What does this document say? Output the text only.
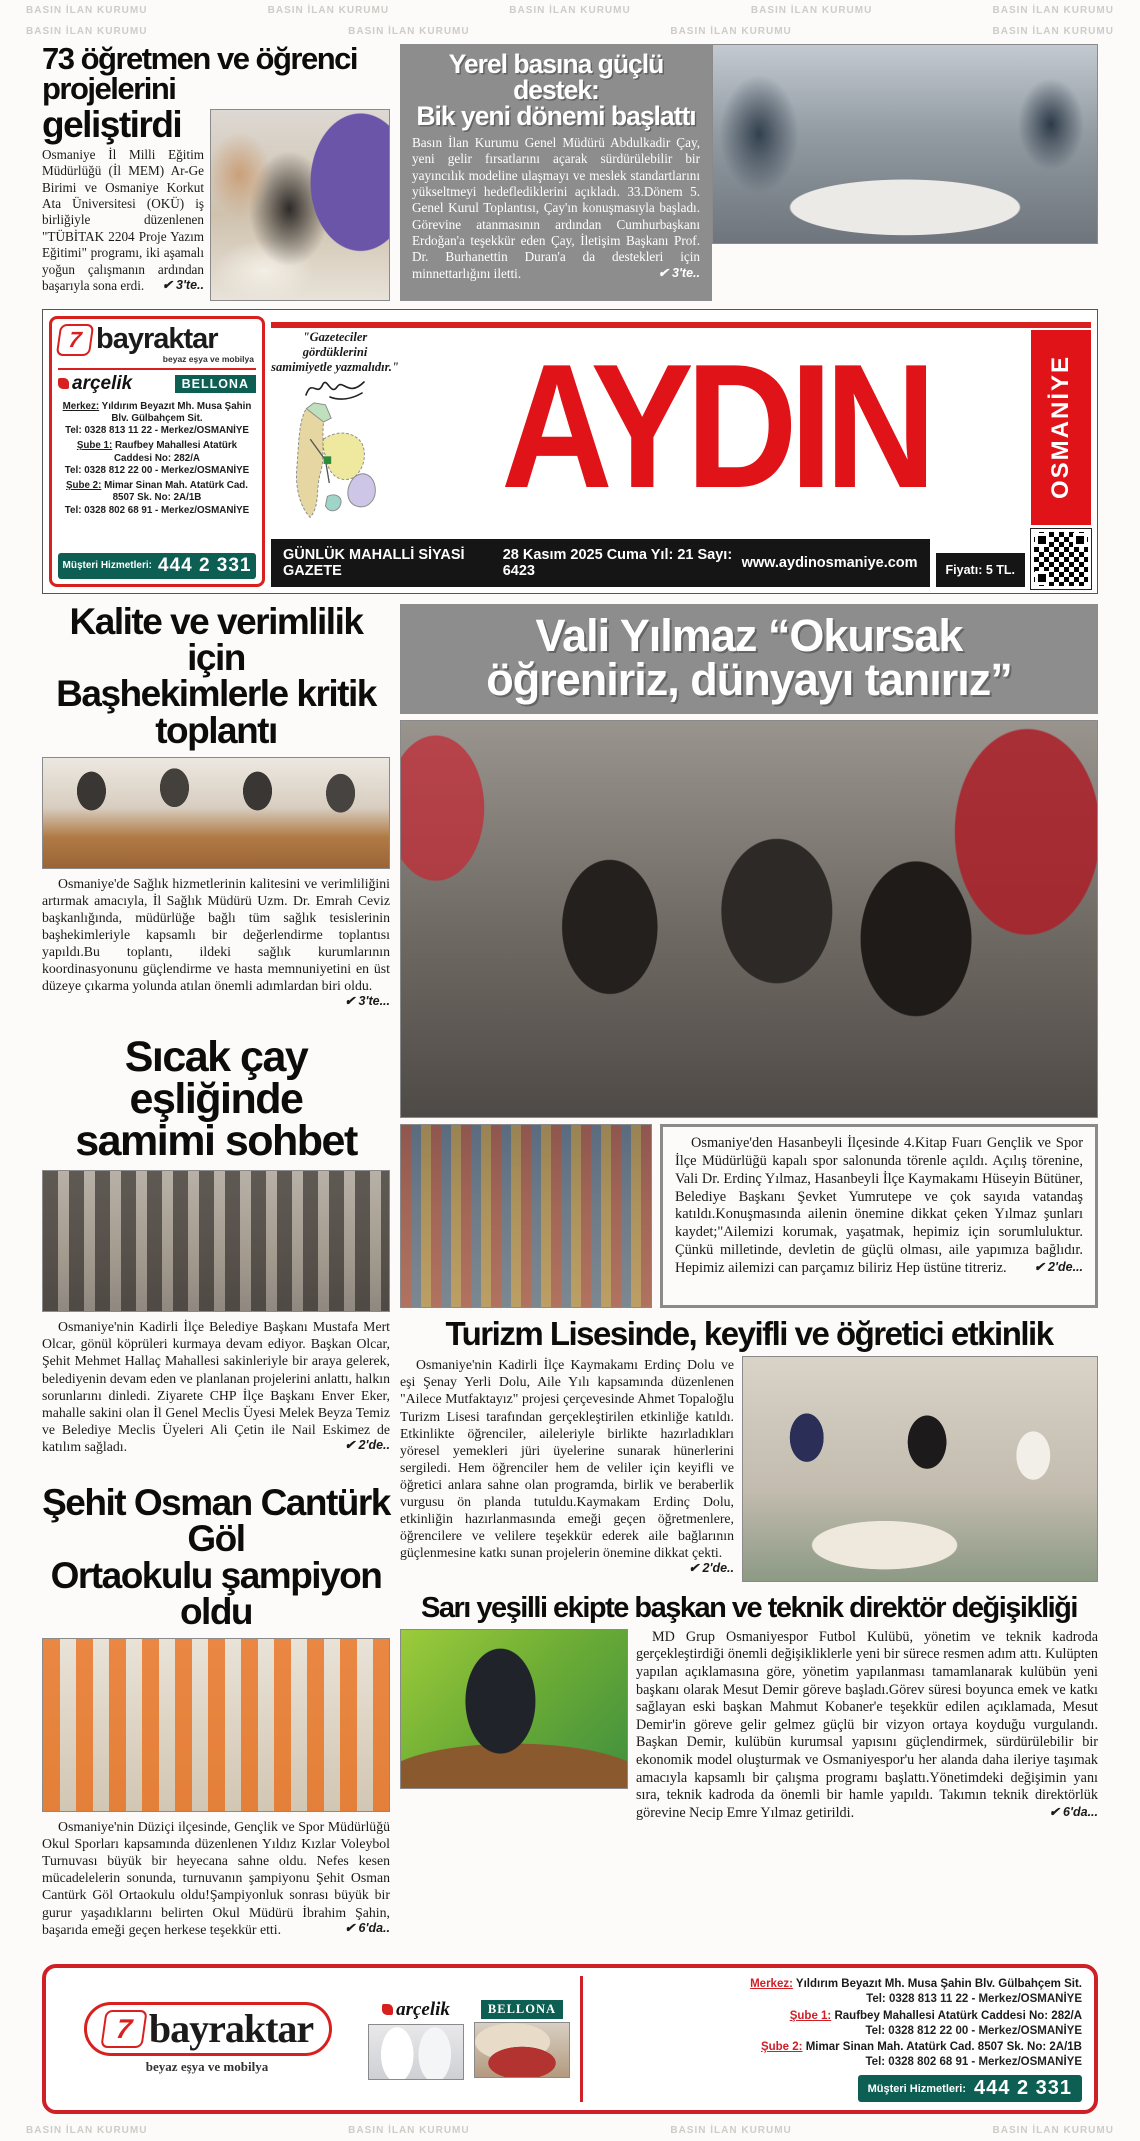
BASIN İLAN KURUMU	BASIN İLAN KURUMU	BASIN İLAN KURUMU	BASIN İLAN KURUMU	BASIN İLAN KURUMU
BASIN İLAN KURUMU	BASIN İLAN KURUMU	BASIN İLAN KURUMU	BASIN İLAN KURUMU
73 öğretmen ve öğrenci projelerini
geliştirdi

Osmaniye İl Milli Eğitim Müdürlüğü (İl MEM) Ar-Ge Birimi ve Osmaniye Korkut Ata Üniversitesi (OKÜ) iş birliğiyle düzenlenen "TÜBİTAK 2204 Proje Yazım Eğitimi" programı, iki aşamalı yoğun çalışmanın ardından başarıyla sona erdi.	✔ 3'te..

Yerel basına güçlü destek:
Bik yeni dönemi başlattı

Basın İlan Kurumu Genel Müdürü Abdulkadir Çay, yeni gelir fırsatlarını açarak sürdürülebilir bir yayıncılık modeline ulaşmayı ve meslek standartlarını yükseltmeyi hedeflediklerini açıkladı. 33.Dönem 5. Genel Kurul Toplantısı, Çay'ın konuşmasıyla başladı. Görevine atanmasının ardından Cumhurbaşkanı Erdoğan'a teşekkür eden Çay, İletişim Başkanı Prof. Dr. Burhanettin Duran'a da destekleri için minnettarlığını iletti.	✔ 3'te..

7 bayraktar
beyaz eşya ve mobilya
arçelik	BELLONA
Merkez: Yıldırım Beyazıt Mh. Musa Şahin Blv. Gülbahçem Sit.
Tel: 0328 813 11 22 - Merkez/OSMANİYE
Şube 1: Raufbey Mahallesi Atatürk Caddesi No: 282/A
Tel: 0328 812 22 00 - Merkez/OSMANİYE
Şube 2: Mimar Sinan Mah. Atatürk Cad. 8507 Sk. No: 2A/1B
Tel: 0328 802 68 91 - Merkez/OSMANİYE
Müşteri Hizmetleri: 444 2 331
"Gazeteciler gördüklerini
samimiyetle yazmalıdır." AYDIN	OSMANİYE
GÜNLÜK MAHALLİ SİYASİ GAZETE
28 Kasım 2025 Cuma Yıl: 21 Sayı: 6423	www.aydinosmaniye.com	Fiyatı: 5 TL.
Kalite ve verimlilik için
Başhekimlerle kritik toplantı

Osmaniye'de Sağlık hizmetlerinin kalitesini ve verimliliğini artırmak amacıyla, İl Sağlık Müdürü Uzm. Dr. Emrah Ceviz başkanlığında, müdürlüğe bağlı tüm sağlık tesislerinin başhekimleriyle kapsamlı bir değerlendirme toplantısı yapıldı.Bu toplantı, ildeki sağlık kurumlarının koordinasyonunu güçlendirme ve hasta memnuniyetini en üst düzeye çıkarma yolunda atılan önemli adımlardan biri oldu.
✔ 3'te...

Sıcak çay eşliğinde
samimi sohbet

Osmaniye'nin Kadirli İlçe Belediye Başkanı Mustafa Mert Olcar, gönül köprüleri kurmaya devam ediyor. Başkan Olcar, Şehit Mehmet Hallaç Mahallesi sakinleriyle bir araya gelerek, belediyenin devam eden ve planlanan projelerini anlattı, halkın sorunlarını dinledi. Ziyarete CHP İlçe Başkanı Enver Eker, mahalle sakini olan İl Genel Meclis Üyesi Melek Beyza Temiz ve Belediye Meclis Üyeleri Ali Çetin ile Nail Eskimez de katılım sağladı.	✔ 2'de..

Şehit Osman Cantürk Göl
Ortaokulu şampiyon oldu

Osmaniye'nin Düziçi ilçesinde, Gençlik ve Spor Müdürlüğü Okul Sporları kapsamında düzenlenen Yıldız Kızlar Voleybol Turnuvası büyük bir heyecana sahne oldu. Nefes kesen mücadelelerin sonunda, turnuvanın şampiyonu Şehit Osman Cantürk Göl Ortaokulu oldu!Şampiyonluk sonrası büyük bir gurur yaşadıklarını belirten Okul Müdürü İbrahim Şahin, başarıda emeği geçen herkese teşekkür etti.	✔ 6'da..

Vali Yılmaz “Okursak
öğreniriz, dünyayı tanırız”

Osmaniye'den Hasanbeyli İlçesinde 4.Kitap Fuarı Gençlik ve Spor İlçe Müdürlüğü kapalı spor salonunda törenle açıldı. Açılış törenine, Vali Dr. Erdinç Yılmaz, Hasanbeyli İlçe Kaymakamı Hüseyin Bütüner, Belediye Başkanı Şevket Yumrutepe ve çok sayıda vatandaş katıldı.Konuşmasında ailenin önemine dikkat çeken Yılmaz şunları kaydet;"Ailemizi korumak, yaşatmak, hepimiz için sorumluluktur. Çünkü milletinde, devletin de güçlü olması, aile yapımıza bağlıdır. Hepimiz ailemizi can parçamız biliriz Hep üstüne titreriz.	✔ 2'de...

Turizm Lisesinde, keyifli ve öğretici etkinlik

Osmaniye'nin Kadirli İlçe Kaymakamı Erdinç Dolu ve eşi Şenay Yerli Dolu, Aile Yılı kapsamında düzenlenen "Ailece Mutfaktayız" projesi çerçevesinde Ahmet Topaloğlu Turizm Lisesi tarafından gerçekleştirilen etkinliğe katıldı. Etkinlikte öğrenciler, aileleriyle birlikte hazırladıkları yöresel yemekleri jüri üyelerine sunarak hünerlerini sergiledi. Hem öğrenciler hem de veliler için keyifli ve öğretici anlara sahne olan programda, birlik ve beraberlik vurgusu ön planda tutuldu.Kaymakam Erdinç Dolu, etkinliğin hazırlanmasında emeği geçen öğretmenlere, öğrencilere ve velilere teşekkür ederek aile bağlarının güçlenmesine katkı sunan projelerin önemine dikkat çekti.
✔ 2'de..

Sarı yeşilli ekipte başkan ve teknik direktör değişikliği

MD Grup Osmaniyespor Futbol Kulübü, yönetim ve teknik kadroda gerçekleştirdiği önemli değişikliklerle yeni bir sürece resmen adım attı. Kulüpten yapılan açıklamasına göre, yönetim yapılanması tamamlanarak kulübün yeni başkanı olarak Mesut Demir göreve başladı.Görev süresi boyunca emek ve katkı sağlayan eski başkan Mahmut Kobaner'e teşekkür edilen açıklamada, Mesut Demir'in göreve gelir gelmez güçlü bir vizyon ortaya koyduğu vurgulandı. Başkan Demir, kulübün kurumsal yapısını güçlendirmek, sürdürülebilir bir ekonomik model oluşturmak ve Osmaniyespor'u her alanda daha ileriye taşımak amacıyla kapsamlı bir çalışma programı başlattı.Yönetimdeki değişimin yanı sıra, teknik kadroda da önemli bir hamle yapıldı. Takımın teknik direktörlük görevine Necip Emre Yılmaz getirildi.	✔ 6'da...

7 bayraktar
beyaz eşya ve mobilya
arçelik	BELLONA
Merkez: Yıldırım Beyazıt Mh. Musa Şahin Blv. Gülbahçem Sit.
Tel: 0328 813 11 22 - Merkez/OSMANİYE
Şube 1: Raufbey Mahallesi Atatürk Caddesi No: 282/A
Tel: 0328 812 22 00 - Merkez/OSMANİYE
Şube 2: Mimar Sinan Mah. Atatürk Cad. 8507 Sk. No: 2A/1B
Tel: 0328 802 68 91 - Merkez/OSMANİYE
Müşteri Hizmetleri: 444 2 331
BASIN İLAN KURUMU	BASIN İLAN KURUMU	BASIN İLAN KURUMU	BASIN İLAN KURUMU
